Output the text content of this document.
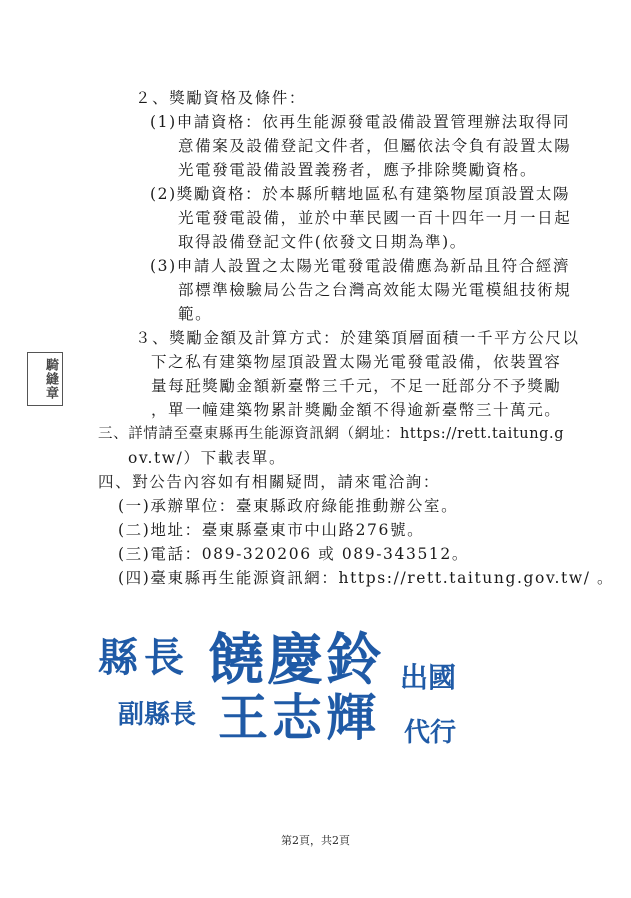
２、獎勵資格及條件：
(1)申請資格：依再生能源發電設備設置管理辦法取得同
意備案及設備登記文件者，但屬依法令負有設置太陽
光電發電設備設置義務者，應予排除獎勵資格。
(2)獎勵資格：於本縣所轄地區私有建築物屋頂設置太陽
光電發電設備，並於中華民國一百十四年一月一日起
取得設備登記文件(依發文日期為準)。
(3)申請人設置之太陽光電發電設備應為新品且符合經濟
部標準檢驗局公告之台灣高效能太陽光電模組技術規
範。
３、獎勵金額及計算方式：於建築頂層面積一千平方公尺以
下之私有建築物屋頂設置太陽光電發電設備，依裝置容
量每瓩獎勵金額新臺幣三千元，不足一瓩部分不予獎勵
，單一幢建築物累計獎勵金額不得逾新臺幣三十萬元。
三、詳情請至臺東縣再生能源資訊網（網址：https://rett.taitung.g
ov.tw/）下載表單。
四、對公告內容如有相關疑問，請來電洽詢：
(一)承辦單位：臺東縣政府綠能推動辦公室。
(二)地址：臺東縣臺東市中山路276號。
(三)電話：089-320206 或 089-343512。
(四)臺東縣再生能源資訊網：https://rett.taitung.gov.tw/ 。
騎縫章
縣長 饒慶鈴 出國
副縣長 王志輝 代行
第2頁，共2頁
